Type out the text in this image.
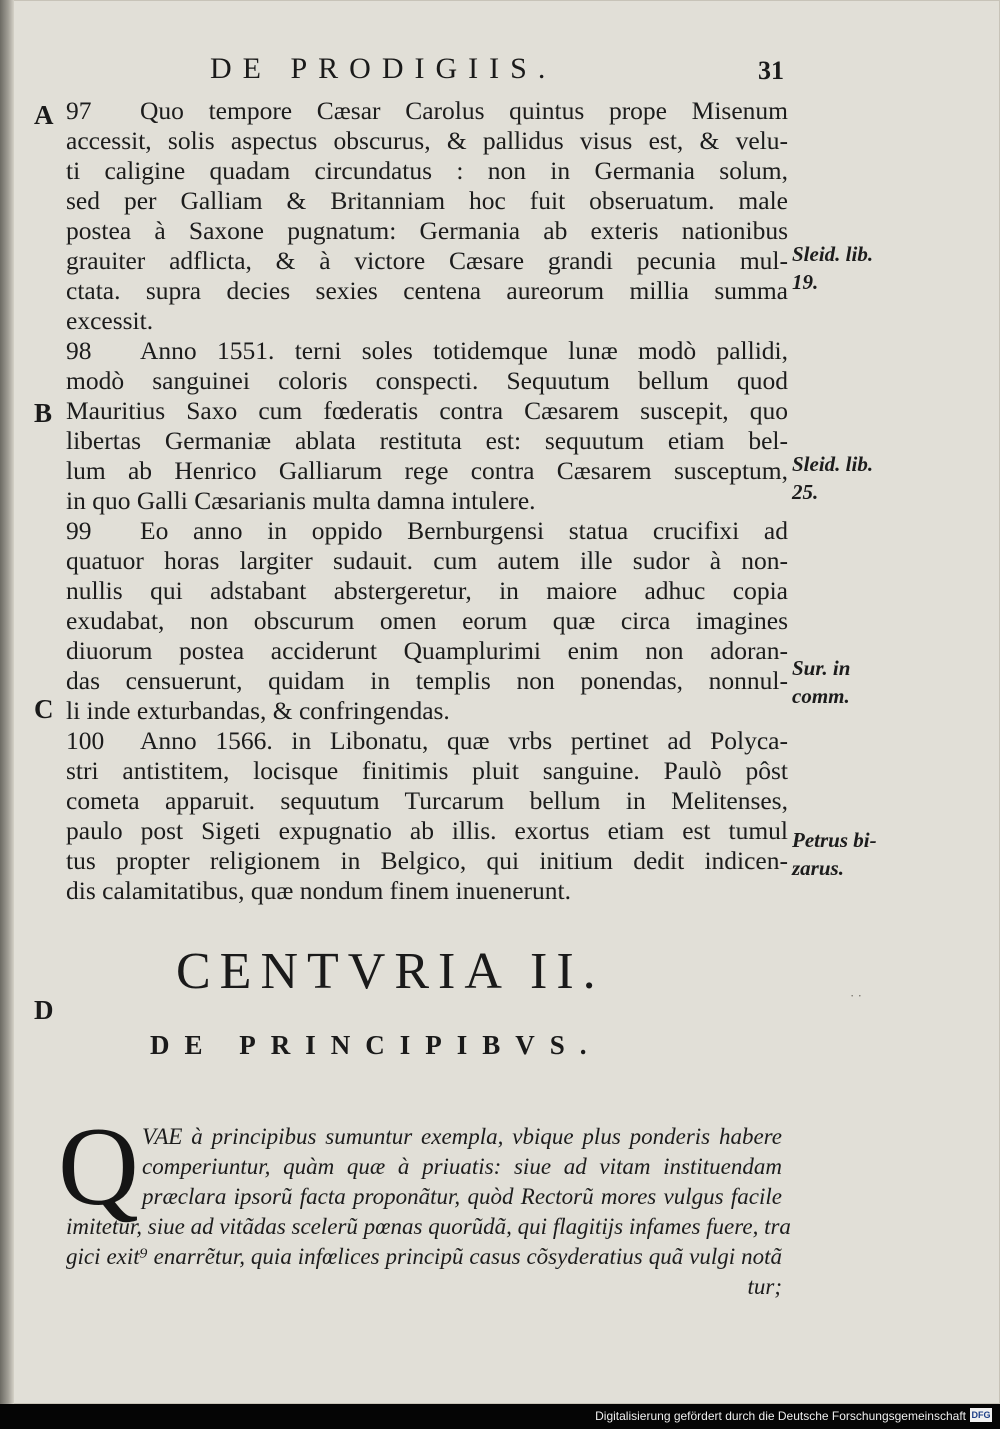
DE PRODIGIIS.	31
A
B
C
D
97 Quo tempore Cæsar Carolus quintus prope Misenum
accessit, solis aspectus obscurus, & pallidus visus est, & velu-
ti caligine quadam circundatus : non in Germania solum,
sed per Galliam & Britanniam hoc fuit obseruatum. male
postea à Saxone pugnatum: Germania ab exteris nationibus
grauiter adflicta, & à victore Cæsare grandi pecunia mul-
ctata. supra decies sexies centena aureorum millia summa
excessit.
98 Anno 1551. terni soles totidemque lunæ modò pallidi,
modò sanguinei coloris conspecti. Sequutum bellum quod
Mauritius Saxo cum fœderatis contra Cæsarem suscepit, quo
libertas Germaniæ ablata restituta est: sequutum etiam bel-
lum ab Henrico Galliarum rege contra Cæsarem susceptum,
in quo Galli Cæsarianis multa damna intulere.
99 Eo anno in oppido Bernburgensi statua crucifixi ad
quatuor horas largiter sudauit. cum autem ille sudor à non-
nullis qui adstabant abstergeretur, in maiore adhuc copia
exudabat, non obscurum omen eorum quæ circa imagines
diuorum postea acciderunt Quamplurimi enim non adoran-
das censuerunt, quidam in templis non ponendas, nonnul-
li inde exturbandas, & confringendas.
100 Anno 1566. in Libonatu, quæ vrbs pertinet ad Polyca-
stri antistitem, locisque finitimis pluit sanguine. Paulò pôst
cometa apparuit. sequutum Turcarum bellum in Melitenses,
paulo post Sigeti expugnatio ab illis. exortus etiam est tumul
tus propter religionem in Belgico, qui initium dedit indicen-
dis calamitatibus, quæ nondum finem inuenerunt.
Sleid. lib.
19.
Sleid. lib.
25.
Sur. in
comm.
Petrus bi-
zarus.
CENTVRIA II.	· ·
DE PRINCIPIBVS.
Q VAE à principibus sumuntur exempla, vbique plus ponderis habere
comperiuntur, quàm quæ à priuatis: siue ad vitam instituendam
præclara ipsorũ facta proponãtur, quòd Rectorũ mores vulgus facile
imitetur, siue ad vitãdas scelerũ pœnas quorũdã, qui flagitijs infames fuere, tra
gici exit⁹ enarrẽtur, quia infœlices principũ casus cõsyderatius quã vulgi notã
tur;
Digitalisierung gefördert durch die Deutsche Forschungsgemeinschaft DFG
